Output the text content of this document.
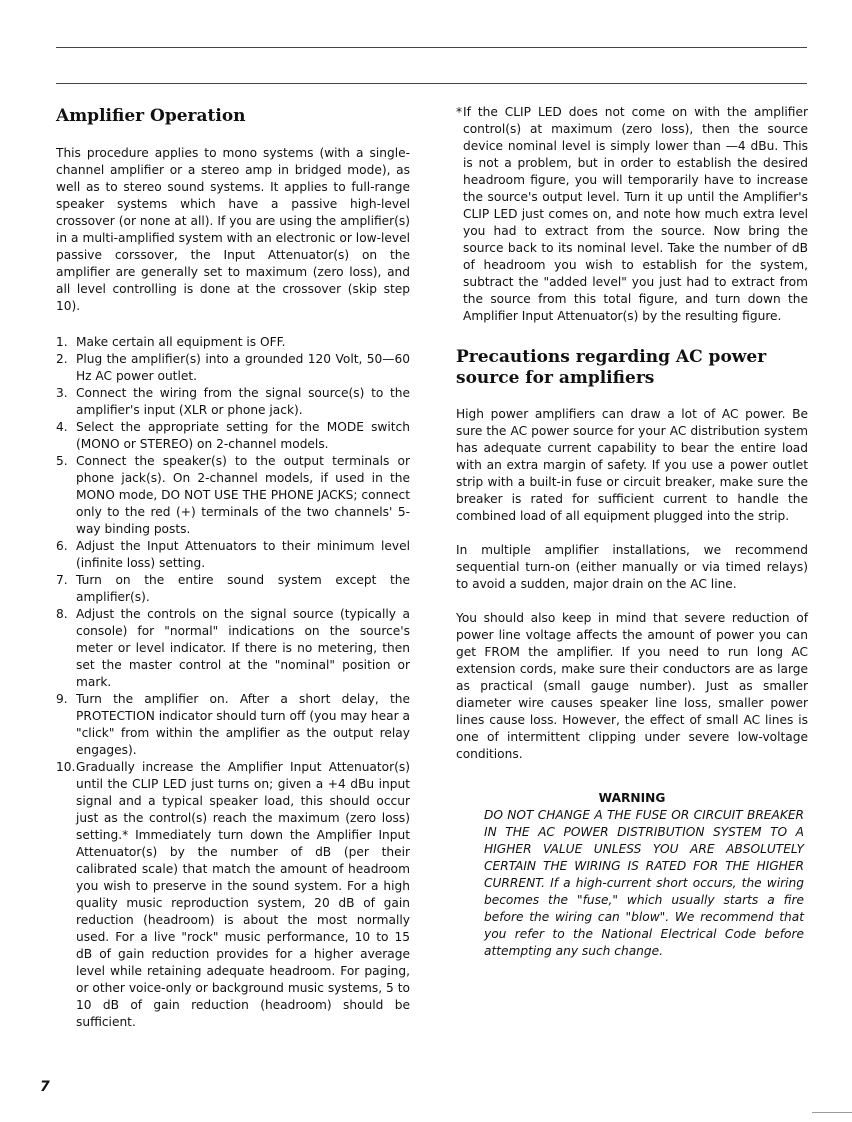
Amplifier Operation

This procedure applies to mono systems (with a single-channel amplifier or a stereo amp in bridged mode), as well as to stereo sound systems. It applies to full-range speaker systems which have a passive high-level crossover (or none at all). If you are using the amplifier(s) in a multi-amplified system with an electronic or low-level passive corssover, the Input Attenuator(s) on the amplifier are generally set to maximum (zero loss), and all level controlling is done at the crossover (skip step 10).

1. Make certain all equipment is OFF.
2. Plug the amplifier(s) into a grounded 120 Volt, 50—60 Hz AC power outlet.
3. Connect the wiring from the signal source(s) to the amplifier's input (XLR or phone jack).
4. Select the appropriate setting for the MODE switch (MONO or STEREO) on 2-channel models.
5. Connect the speaker(s) to the output terminals or phone jack(s). On 2-channel models, if used in the MONO mode, DO NOT USE THE PHONE JACKS; connect only to the red (+) terminals of the two channels' 5-way binding posts.
6. Adjust the Input Attenuators to their minimum level (infinite loss) setting.
7. Turn on the entire sound system except the amplifier(s).
8. Adjust the controls on the signal source (typically a console) for "normal" indications on the source's meter or level indicator. If there is no metering, then set the master control at the "nominal" position or mark.
9. Turn the amplifier on. After a short delay, the PROTECTION indicator should turn off (you may hear a "click" from within the amplifier as the output relay engages).
10. Gradually increase the Amplifier Input Attenuator(s) until the CLIP LED just turns on; given a +4 dBu input signal and a typical speaker load, this should occur just as the control(s) reach the maximum (zero loss) setting.* Immediately turn down the Amplifier Input Attenuator(s) by the number of dB (per their calibrated scale) that match the amount of headroom you wish to preserve in the sound system. For a high quality music reproduction system, 20 dB of gain reduction (headroom) is about the most normally used. For a live "rock" music performance, 10 to 15 dB of gain reduction provides for a higher average level while retaining adequate headroom. For paging, or other voice-only or background music systems, 5 to 10 dB of gain reduction (headroom) should be sufficient.
* If the CLIP LED does not come on with the amplifier control(s) at maximum (zero loss), then the source device nominal level is simply lower than —4 dBu. This is not a problem, but in order to establish the desired headroom figure, you will temporarily have to increase the source's output level. Turn it up until the Amplifier's CLIP LED just comes on, and note how much extra level you had to extract from the source. Now bring the source back to its nominal level. Take the number of dB of headroom you wish to establish for the system, subtract the "added level" you just had to extract from the source from this total figure, and turn down the Amplifier Input Attenuator(s) by the resulting figure.
Precautions regarding AC power source for amplifiers

High power amplifiers can draw a lot of AC power. Be sure the AC power source for your AC distribution system has adequate current capability to bear the entire load with an extra margin of safety. If you use a power outlet strip with a built-in fuse or circuit breaker, make sure the breaker is rated for sufficient current to handle the combined load of all equipment plugged into the strip.

In multiple amplifier installations, we recommend sequential turn-on (either manually or via timed relays) to avoid a sudden, major drain on the AC line.

You should also keep in mind that severe reduction of power line voltage affects the amount of power you can get FROM the amplifier. If you need to run long AC extension cords, make sure their conductors are as large as practical (small gauge number). Just as smaller diameter wire causes speaker line loss, smaller power lines cause loss. However, the effect of small AC lines is one of intermittent clipping under severe low-voltage conditions.

WARNING

DO NOT CHANGE A THE FUSE OR CIRCUIT BREAKER IN THE AC POWER DISTRIBUTION SYSTEM TO A HIGHER VALUE UNLESS YOU ARE ABSOLUTELY CERTAIN THE WIRING IS RATED FOR THE HIGHER CURRENT. If a high-current short occurs, the wiring becomes the "fuse," which usually starts a fire before the wiring can "blow". We recommend that you refer to the National Electrical Code before attempting any such change.

7
